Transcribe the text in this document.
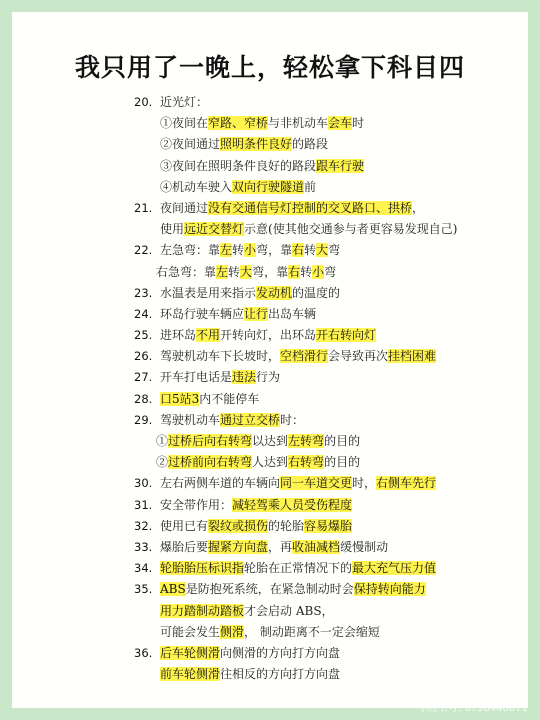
我只用了一晚上，轻松拿下科目四
20. 近光灯：
①夜间在窄路、窄桥与非机动车会车时
②夜间通过照明条件良好的路段
③夜间在照明条件良好的路段跟车行驶
④机动车驶入双向行驶隧道前
21. 夜间通过没有交通信号灯控制的交叉路口、拱桥，
使用远近交替灯示意(使其他交通参与者更容易发现自己)
22. 左急弯：靠左转小弯，靠右转大弯
右急弯：靠左转大弯，靠右转小弯
23. 水温表是用来指示发动机的温度的
24. 环岛行驶车辆应让行出岛车辆
25. 进环岛不用开转向灯，出环岛开右转向灯
26. 驾驶机动车下长坡时，空档滑行会导致再次挂档困难
27. 开车打电话是违法行为
28. 口5站3内不能停车
29. 驾驶机动车通过立交桥时：
①过桥后向右转弯以达到左转弯的目的
②过桥前向右转弯人达到右转弯的目的
30. 左右两侧车道的车辆向同一车道交更时，右侧车先行
31. 安全带作用：减轻驾乘人员受伤程度
32. 使用已有裂纹或损伤的轮胎容易爆胎
33. 爆胎后要握紧方向盘，再收油减档缓慢制动
34. 轮胎胎压标识指轮胎在正常情况下的最大充气压力值
35. ABS是防抱死系统，在紧急制动时会保持转向能力
用力踏制动踏板才会启动 ABS，
可能会发生侧滑， 制动距离不一定会缩短
36. 后车轮侧滑向侧滑的方向打方向盘
前车轮侧滑往相反的方向打方向盘
小红书号: 6798448071
